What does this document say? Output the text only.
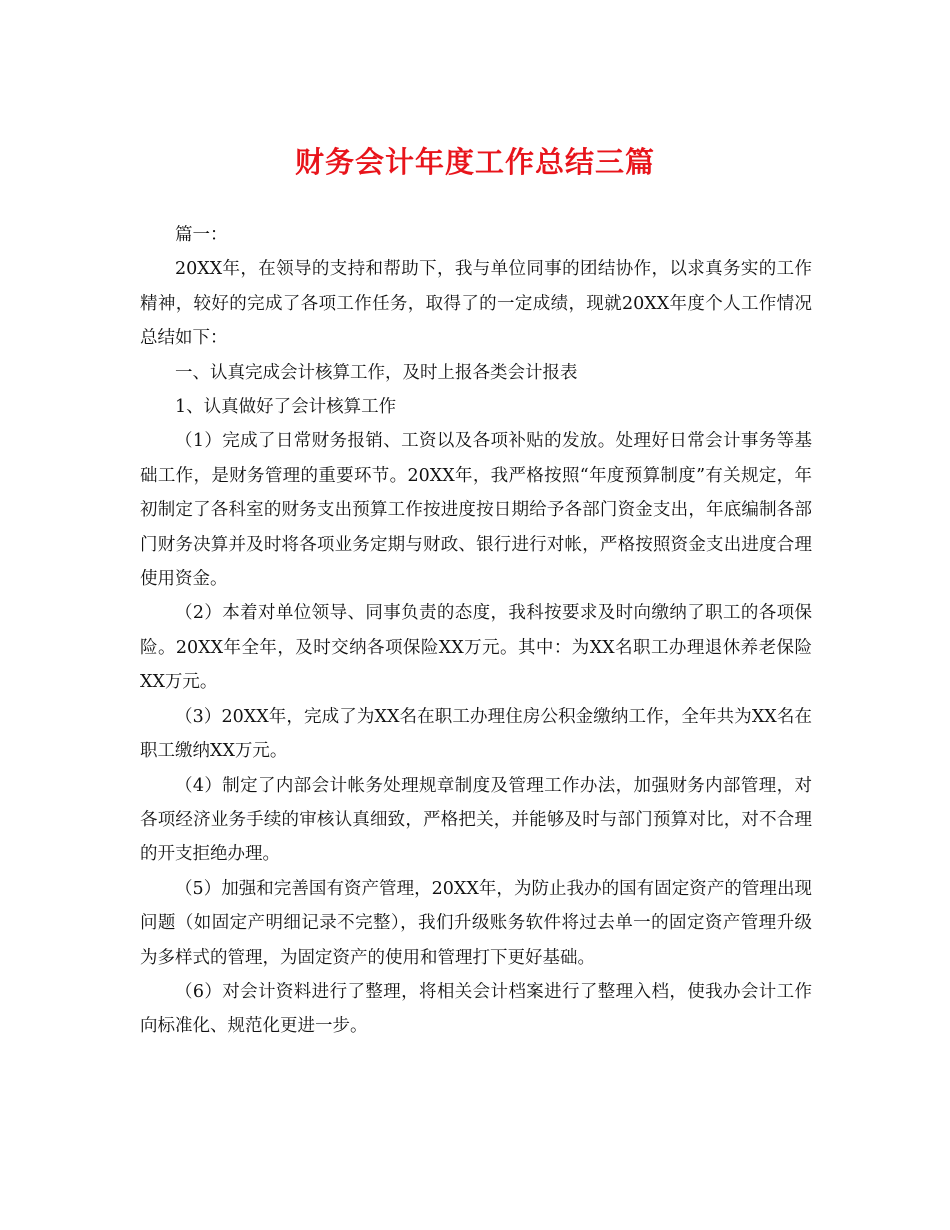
财务会计年度工作总结三篇

篇一：

20XX年，在领导的支持和帮助下，我与单位同事的团结协作，以求真务实的工作精神，较好的完成了各项工作任务，取得了的一定成绩，现就20XX年度个人工作情况总结如下：

一、认真完成会计核算工作，及时上报各类会计报表

1、认真做好了会计核算工作

（1）完成了日常财务报销、工资以及各项补贴的发放。处理好日常会计事务等基础工作，是财务管理的重要环节。20XX年，我严格按照“年度预算制度”有关规定，年初制定了各科室的财务支出预算工作按进度按日期给予各部门资金支出，年底编制各部门财务决算并及时将各项业务定期与财政、银行进行对帐，严格按照资金支出进度合理使用资金。

（2）本着对单位领导、同事负责的态度，我科按要求及时向缴纳了职工的各项保险。20XX年全年，及时交纳各项保险XX万元。其中：为XX名职工办理退休养老保险XX万元。

（3）20XX年，完成了为XX名在职工办理住房公积金缴纳工作，全年共为XX名在职工缴纳XX万元。

（4）制定了内部会计帐务处理规章制度及管理工作办法，加强财务内部管理，对各项经济业务手续的审核认真细致，严格把关，并能够及时与部门预算对比，对不合理的开支拒绝办理。

（5）加强和完善国有资产管理，20XX年，为防止我办的国有固定资产的管理出现问题（如固定产明细记录不完整），我们升级账务软件将过去单一的固定资产管理升级为多样式的管理，为固定资产的使用和管理打下更好基础。

（6）对会计资料进行了整理，将相关会计档案进行了整理入档，使我办会计工作向标准化、规范化更进一步。
